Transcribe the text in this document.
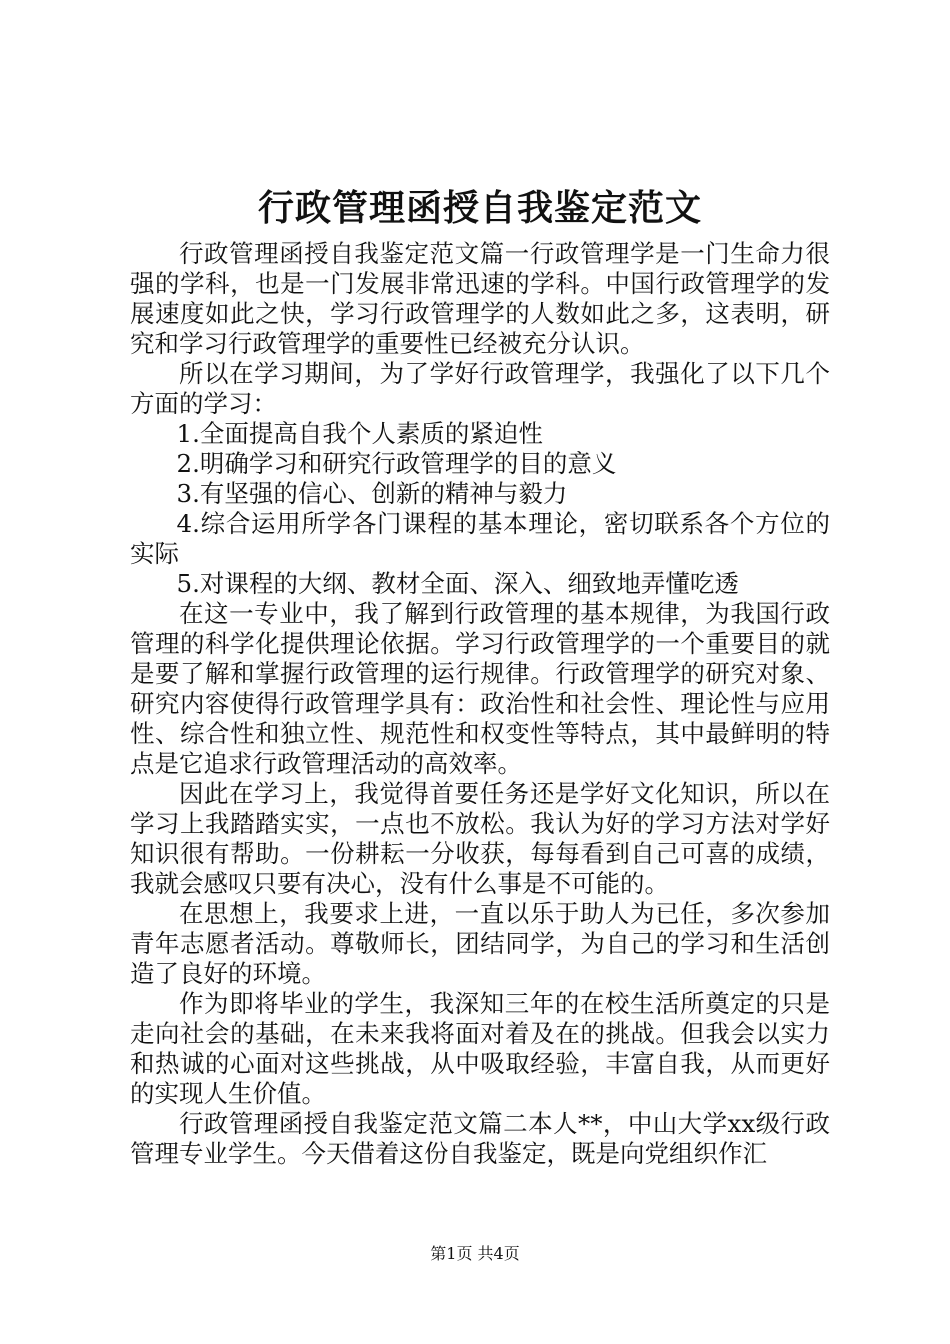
行政管理函授自我鉴定范文

行政管理函授自我鉴定范文篇一行政管理学是一门生命力很强的学科，也是一门发展非常迅速的学科。中国行政管理学的发展速度如此之快，学习行政管理学的人数如此之多，这表明，研究和学习行政管理学的重要性已经被充分认识。

所以在学习期间，为了学好行政管理学，我强化了以下几个方面的学习：

1.全面提高自我个人素质的紧迫性

2.明确学习和研究行政管理学的目的意义

3.有坚强的信心、创新的精神与毅力

4.综合运用所学各门课程的基本理论，密切联系各个方位的实际

5.对课程的大纲、教材全面、深入、细致地弄懂吃透

在这一专业中，我了解到行政管理的基本规律，为我国行政管理的科学化提供理论依据。学习行政管理学的一个重要目的就是要了解和掌握行政管理的运行规律。行政管理学的研究对象、研究内容使得行政管理学具有：政治性和社会性、理论性与应用性、综合性和独立性、规范性和权变性等特点，其中最鲜明的特点是它追求行政管理活动的高效率。

因此在学习上，我觉得首要任务还是学好文化知识，所以在学习上我踏踏实实，一点也不放松。我认为好的学习方法对学好知识很有帮助。一份耕耘一分收获，每每看到自己可喜的成绩，我就会感叹只要有决心，没有什么事是不可能的。

在思想上，我要求上进，一直以乐于助人为已任，多次参加青年志愿者活动。尊敬师长，团结同学，为自己的学习和生活创造了良好的环境。

作为即将毕业的学生，我深知三年的在校生活所奠定的只是走向社会的基础，在未来我将面对着及在的挑战。但我会以实力和热诚的心面对这些挑战，从中吸取经验，丰富自我，从而更好的实现人生价值。

行政管理函授自我鉴定范文篇二本人**，中山大学xx级行政管理专业学生。今天借着这份自我鉴定，既是向党组织作汇

第1页 共4页
